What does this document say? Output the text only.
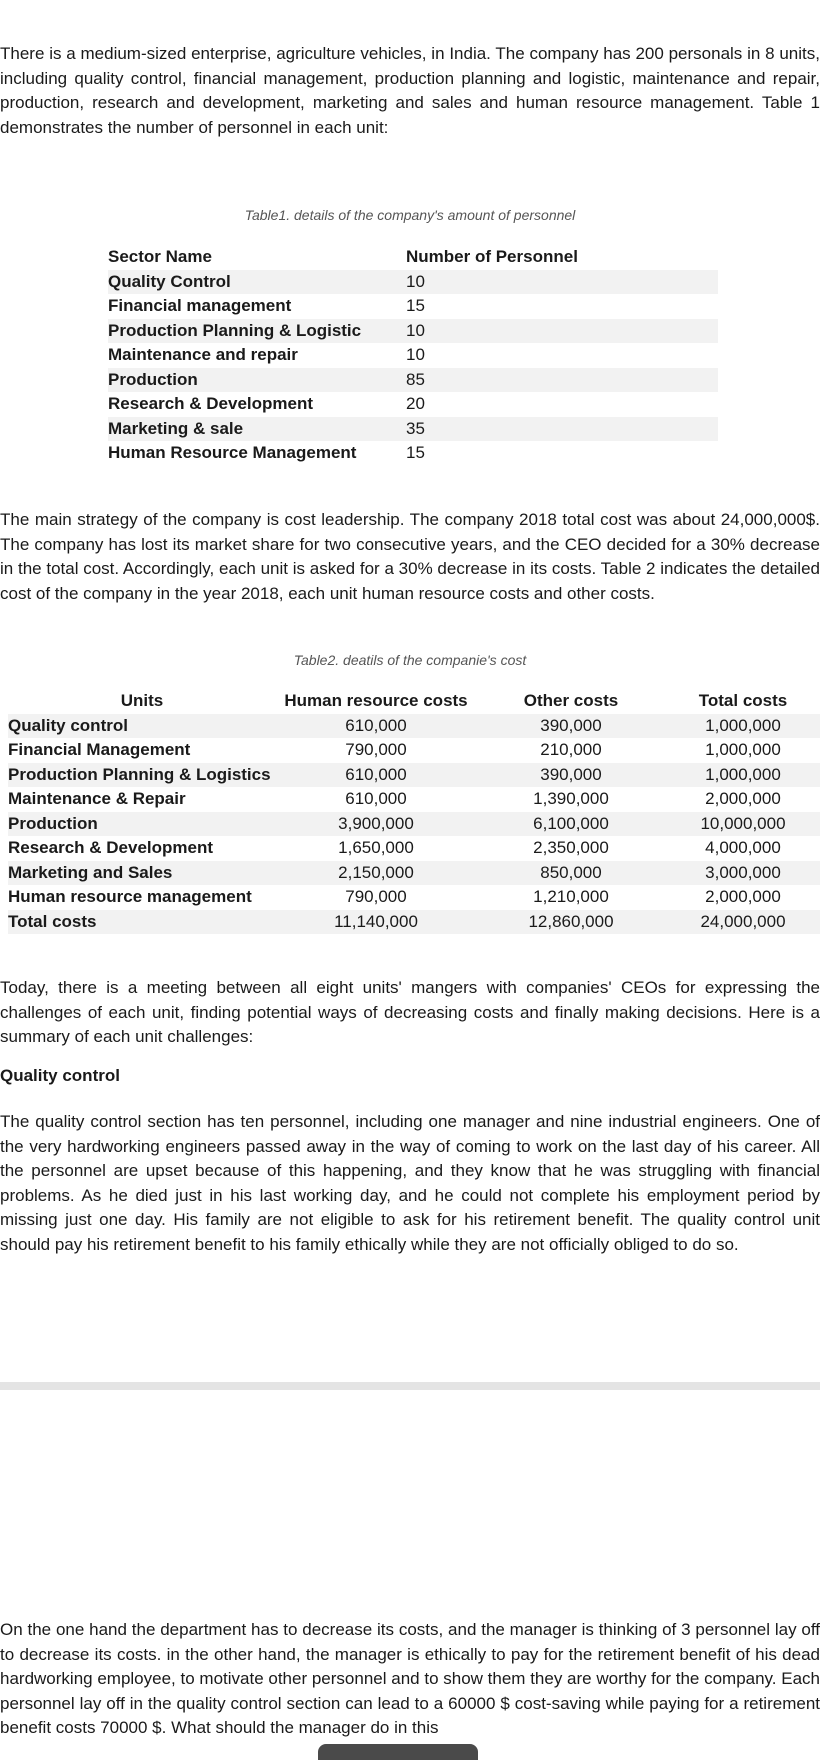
There is a medium-sized enterprise, agriculture vehicles, in India. The company has 200 personals in 8 units, including quality control, financial management, production planning and logistic, maintenance and repair, production, research and development, marketing and sales and human resource management. Table 1 demonstrates the number of personnel in each unit:

Table1. details of the company's amount of personnel
Sector Name	Number of Personnel
Quality Control	10
Financial management	15
Production Planning & Logistic	10
Maintenance and repair	10
Production	85
Research & Development	20
Marketing & sale	35
Human Resource Management	15

The main strategy of the company is cost leadership. The company 2018 total cost was about 24,000,000$. The company has lost its market share for two consecutive years, and the CEO decided for a 30% decrease in the total cost. Accordingly, each unit is asked for a 30% decrease in its costs. Table 2 indicates the detailed cost of the company in the year 2018, each unit human resource costs and other costs.

Table2. deatils of the companie's cost
Units	Human resource costs	Other costs	Total costs
Quality control	610,000	390,000	1,000,000
Financial Management	790,000	210,000	1,000,000
Production Planning & Logistics	610,000	390,000	1,000,000
Maintenance & Repair	610,000	1,390,000	2,000,000
Production	3,900,000	6,100,000	10,000,000
Research & Development	1,650,000	2,350,000	4,000,000
Marketing and Sales	2,150,000	850,000	3,000,000
Human resource management	790,000	1,210,000	2,000,000
Total costs	11,140,000	12,860,000	24,000,000

Today, there is a meeting between all eight units' mangers with companies' CEOs for expressing the challenges of each unit, finding potential ways of decreasing costs and finally making decisions. Here is a summary of each unit challenges:

Quality control

The quality control section has ten personnel, including one manager and nine industrial engineers. One of the very hardworking engineers passed away in the way of coming to work on the last day of his career. All the personnel are upset because of this happening, and they know that he was struggling with financial problems. As he died just in his last working day, and he could not complete his employment period by missing just one day. His family are not eligible to ask for his retirement benefit. The quality control unit should pay his retirement benefit to his family ethically while they are not officially obliged to do so.

On the one hand the department has to decrease its costs, and the manager is thinking of 3 personnel lay off to decrease its costs. in the other hand, the manager is ethically to pay for the retirement benefit of his dead hardworking employee, to motivate other personnel and to show them they are worthy for the company. Each personnel lay off in the quality control section can lead to a 60000 $ cost-saving while paying for a retirement benefit costs 70000 $. What should the manager do in this
